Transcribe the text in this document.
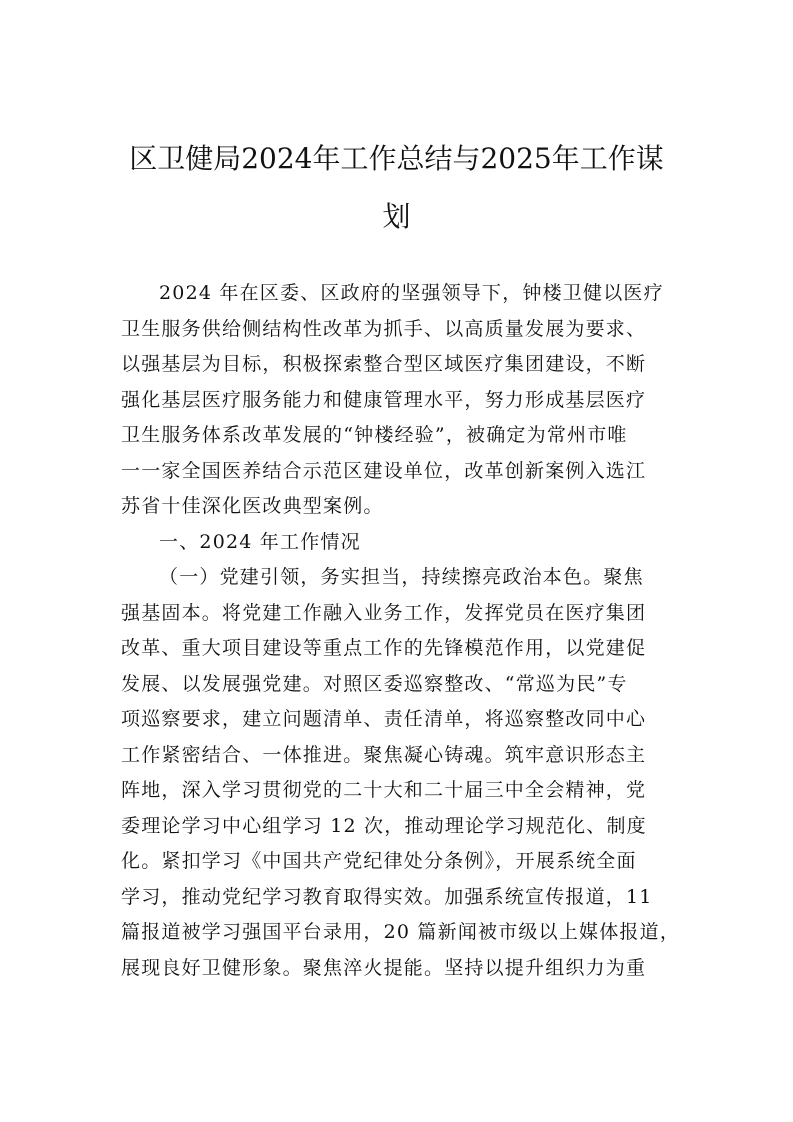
区卫健局2024年工作总结与2025年工作谋
划
2024 年在区委、区政府的坚强领导下，钟楼卫健以医疗
卫生服务供给侧结构性改革为抓手、以高质量发展为要求、
以强基层为目标，积极探索整合型区域医疗集团建设，不断
强化基层医疗服务能力和健康管理水平，努力形成基层医疗
卫生服务体系改革发展的“钟楼经验”，被确定为常州市唯
一一家全国医养结合示范区建设单位，改革创新案例入选江
苏省十佳深化医改典型案例。
一、2024 年工作情况
（一）党建引领，务实担当，持续擦亮政治本色。聚焦
强基固本。将党建工作融入业务工作，发挥党员在医疗集团
改革、重大项目建设等重点工作的先锋模范作用，以党建促
发展、以发展强党建。对照区委巡察整改、“常巡为民”专
项巡察要求，建立问题清单、责任清单，将巡察整改同中心
工作紧密结合、一体推进。聚焦凝心铸魂。筑牢意识形态主
阵地，深入学习贯彻党的二十大和二十届三中全会精神，党
委理论学习中心组学习 12 次，推动理论学习规范化、制度
化。紧扣学习《中国共产党纪律处分条例》，开展系统全面
学习，推动党纪学习教育取得实效。加强系统宣传报道，11
篇报道被学习强国平台录用，20 篇新闻被市级以上媒体报道，
展现良好卫健形象。聚焦淬火提能。坚持以提升组织力为重
